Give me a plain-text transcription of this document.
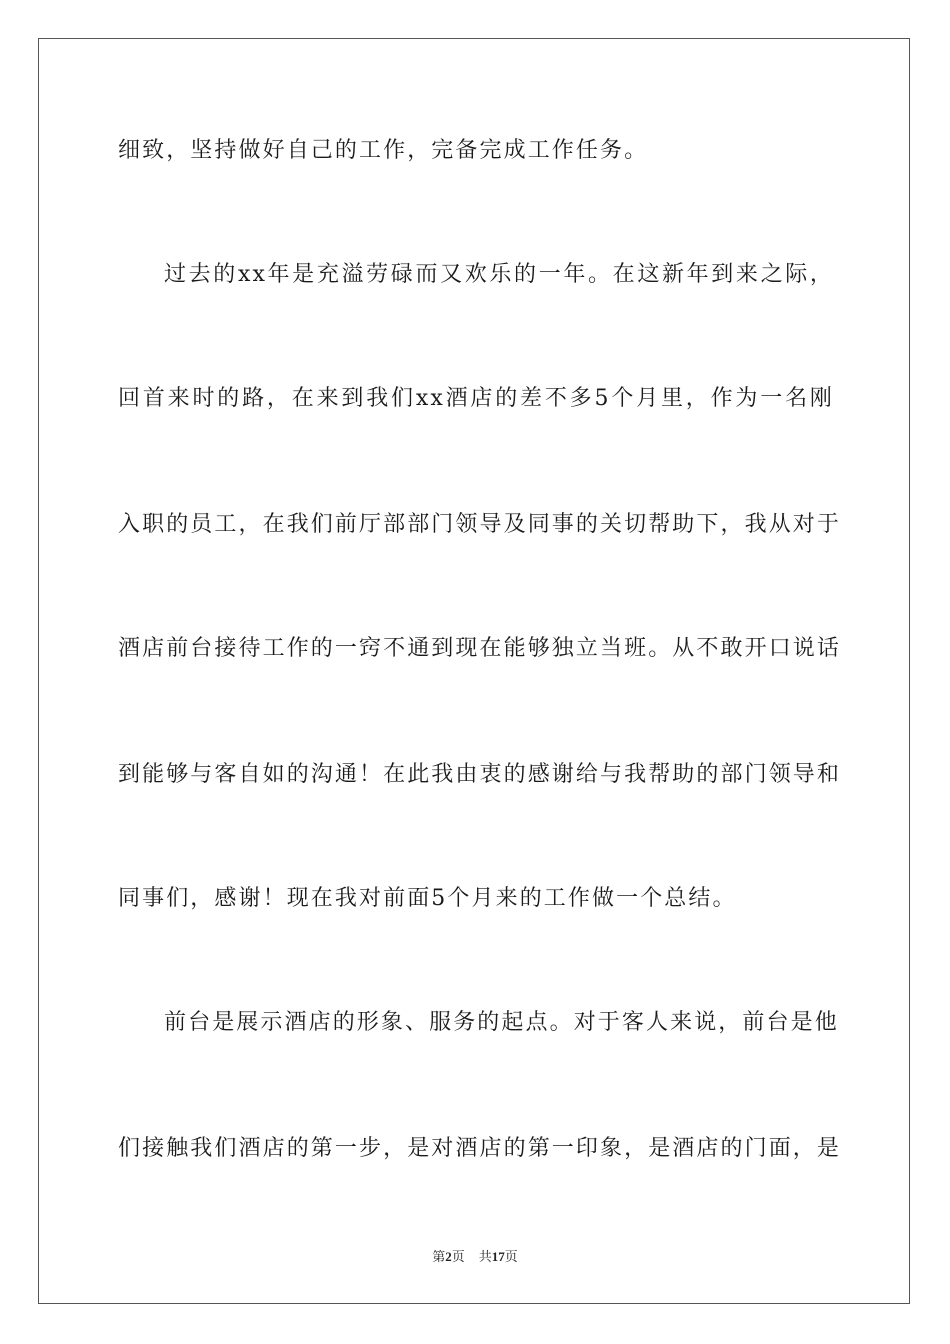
细致，坚持做好自己的工作，完备完成工作任务。
过去的xx年是充溢劳碌而又欢乐的一年。在这新年到来之际，
回首来时的路，在来到我们xx酒店的差不多5个月里，作为一名刚
入职的员工，在我们前厅部部门领导及同事的关切帮助下，我从对于
酒店前台接待工作的一窍不通到现在能够独立当班。从不敢开口说话
到能够与客自如的沟通！在此我由衷的感谢给与我帮助的部门领导和
同事们，感谢！现在我对前面5个月来的工作做一个总结。
前台是展示酒店的形象、服务的起点。对于客人来说，前台是他
们接触我们酒店的第一步，是对酒店的第一印象，是酒店的门面，是
第2页 共17页
